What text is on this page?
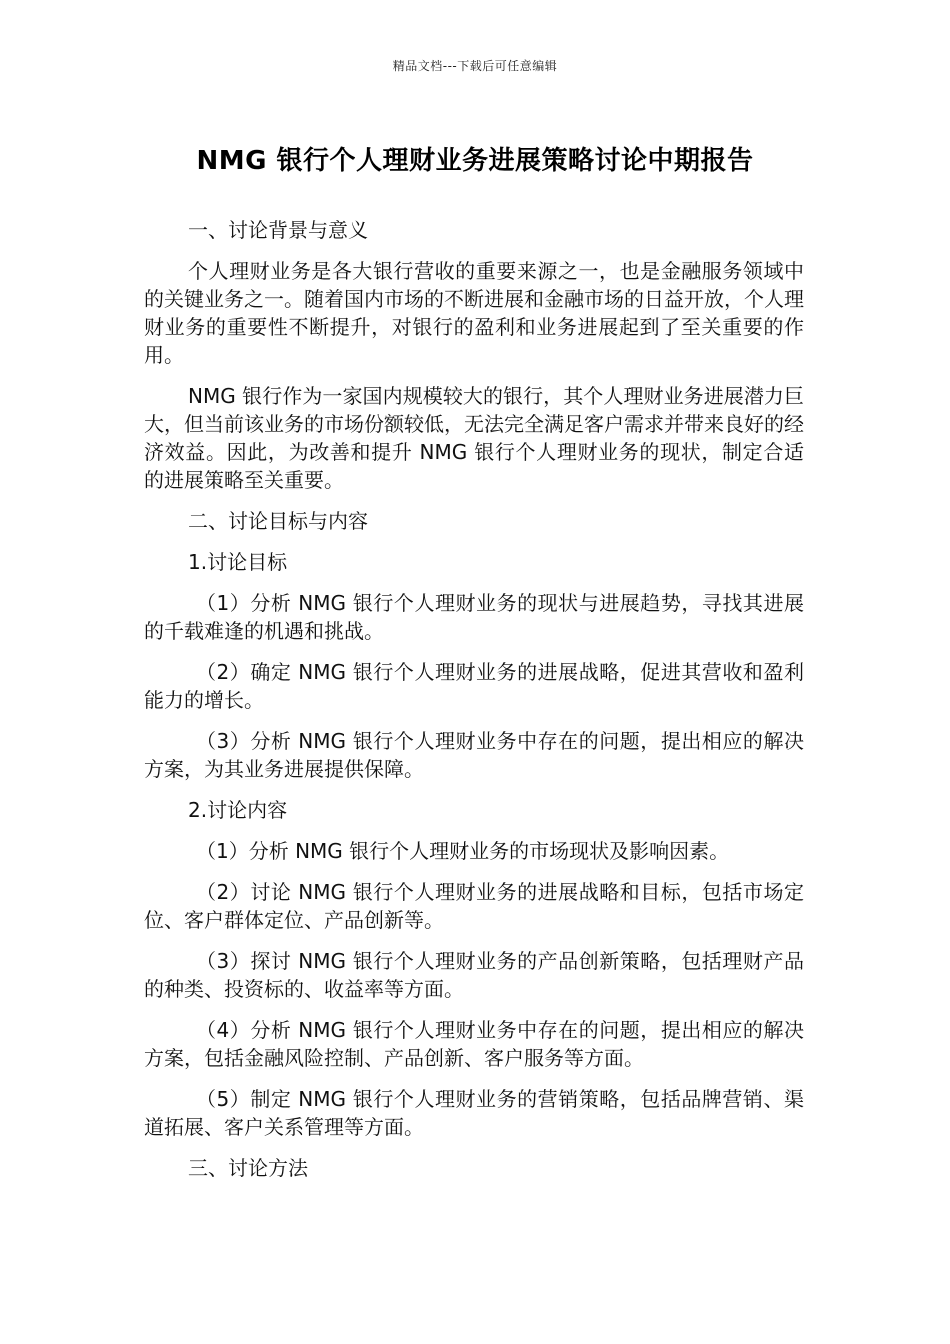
精品文档---下载后可任意编辑
NMG 银行个人理财业务进展策略讨论中期报告

一、讨论背景与意义

个人理财业务是各大银行营收的重要来源之一，也是金融服务领域中的关键业务之一。随着国内市场的不断进展和金融市场的日益开放，个人理财业务的重要性不断提升，对银行的盈利和业务进展起到了至关重要的作用。

NMG 银行作为一家国内规模较大的银行，其个人理财业务进展潜力巨大，但当前该业务的市场份额较低，无法完全满足客户需求并带来良好的经济效益。因此，为改善和提升 NMG 银行个人理财业务的现状，制定合适的进展策略至关重要。

二、讨论目标与内容

1.讨论目标

（1）分析 NMG 银行个人理财业务的现状与进展趋势，寻找其进展的千载难逢的机遇和挑战。

（2）确定 NMG 银行个人理财业务的进展战略，促进其营收和盈利能力的增长。

（3）分析 NMG 银行个人理财业务中存在的问题，提出相应的解决方案，为其业务进展提供保障。

2.讨论内容

（1）分析 NMG 银行个人理财业务的市场现状及影响因素。

（2）讨论 NMG 银行个人理财业务的进展战略和目标，包括市场定位、客户群体定位、产品创新等。

（3）探讨 NMG 银行个人理财业务的产品创新策略，包括理财产品的种类、投资标的、收益率等方面。

（4）分析 NMG 银行个人理财业务中存在的问题，提出相应的解决方案，包括金融风险控制、产品创新、客户服务等方面。

（5）制定 NMG 银行个人理财业务的营销策略，包括品牌营销、渠道拓展、客户关系管理等方面。

三、讨论方法
